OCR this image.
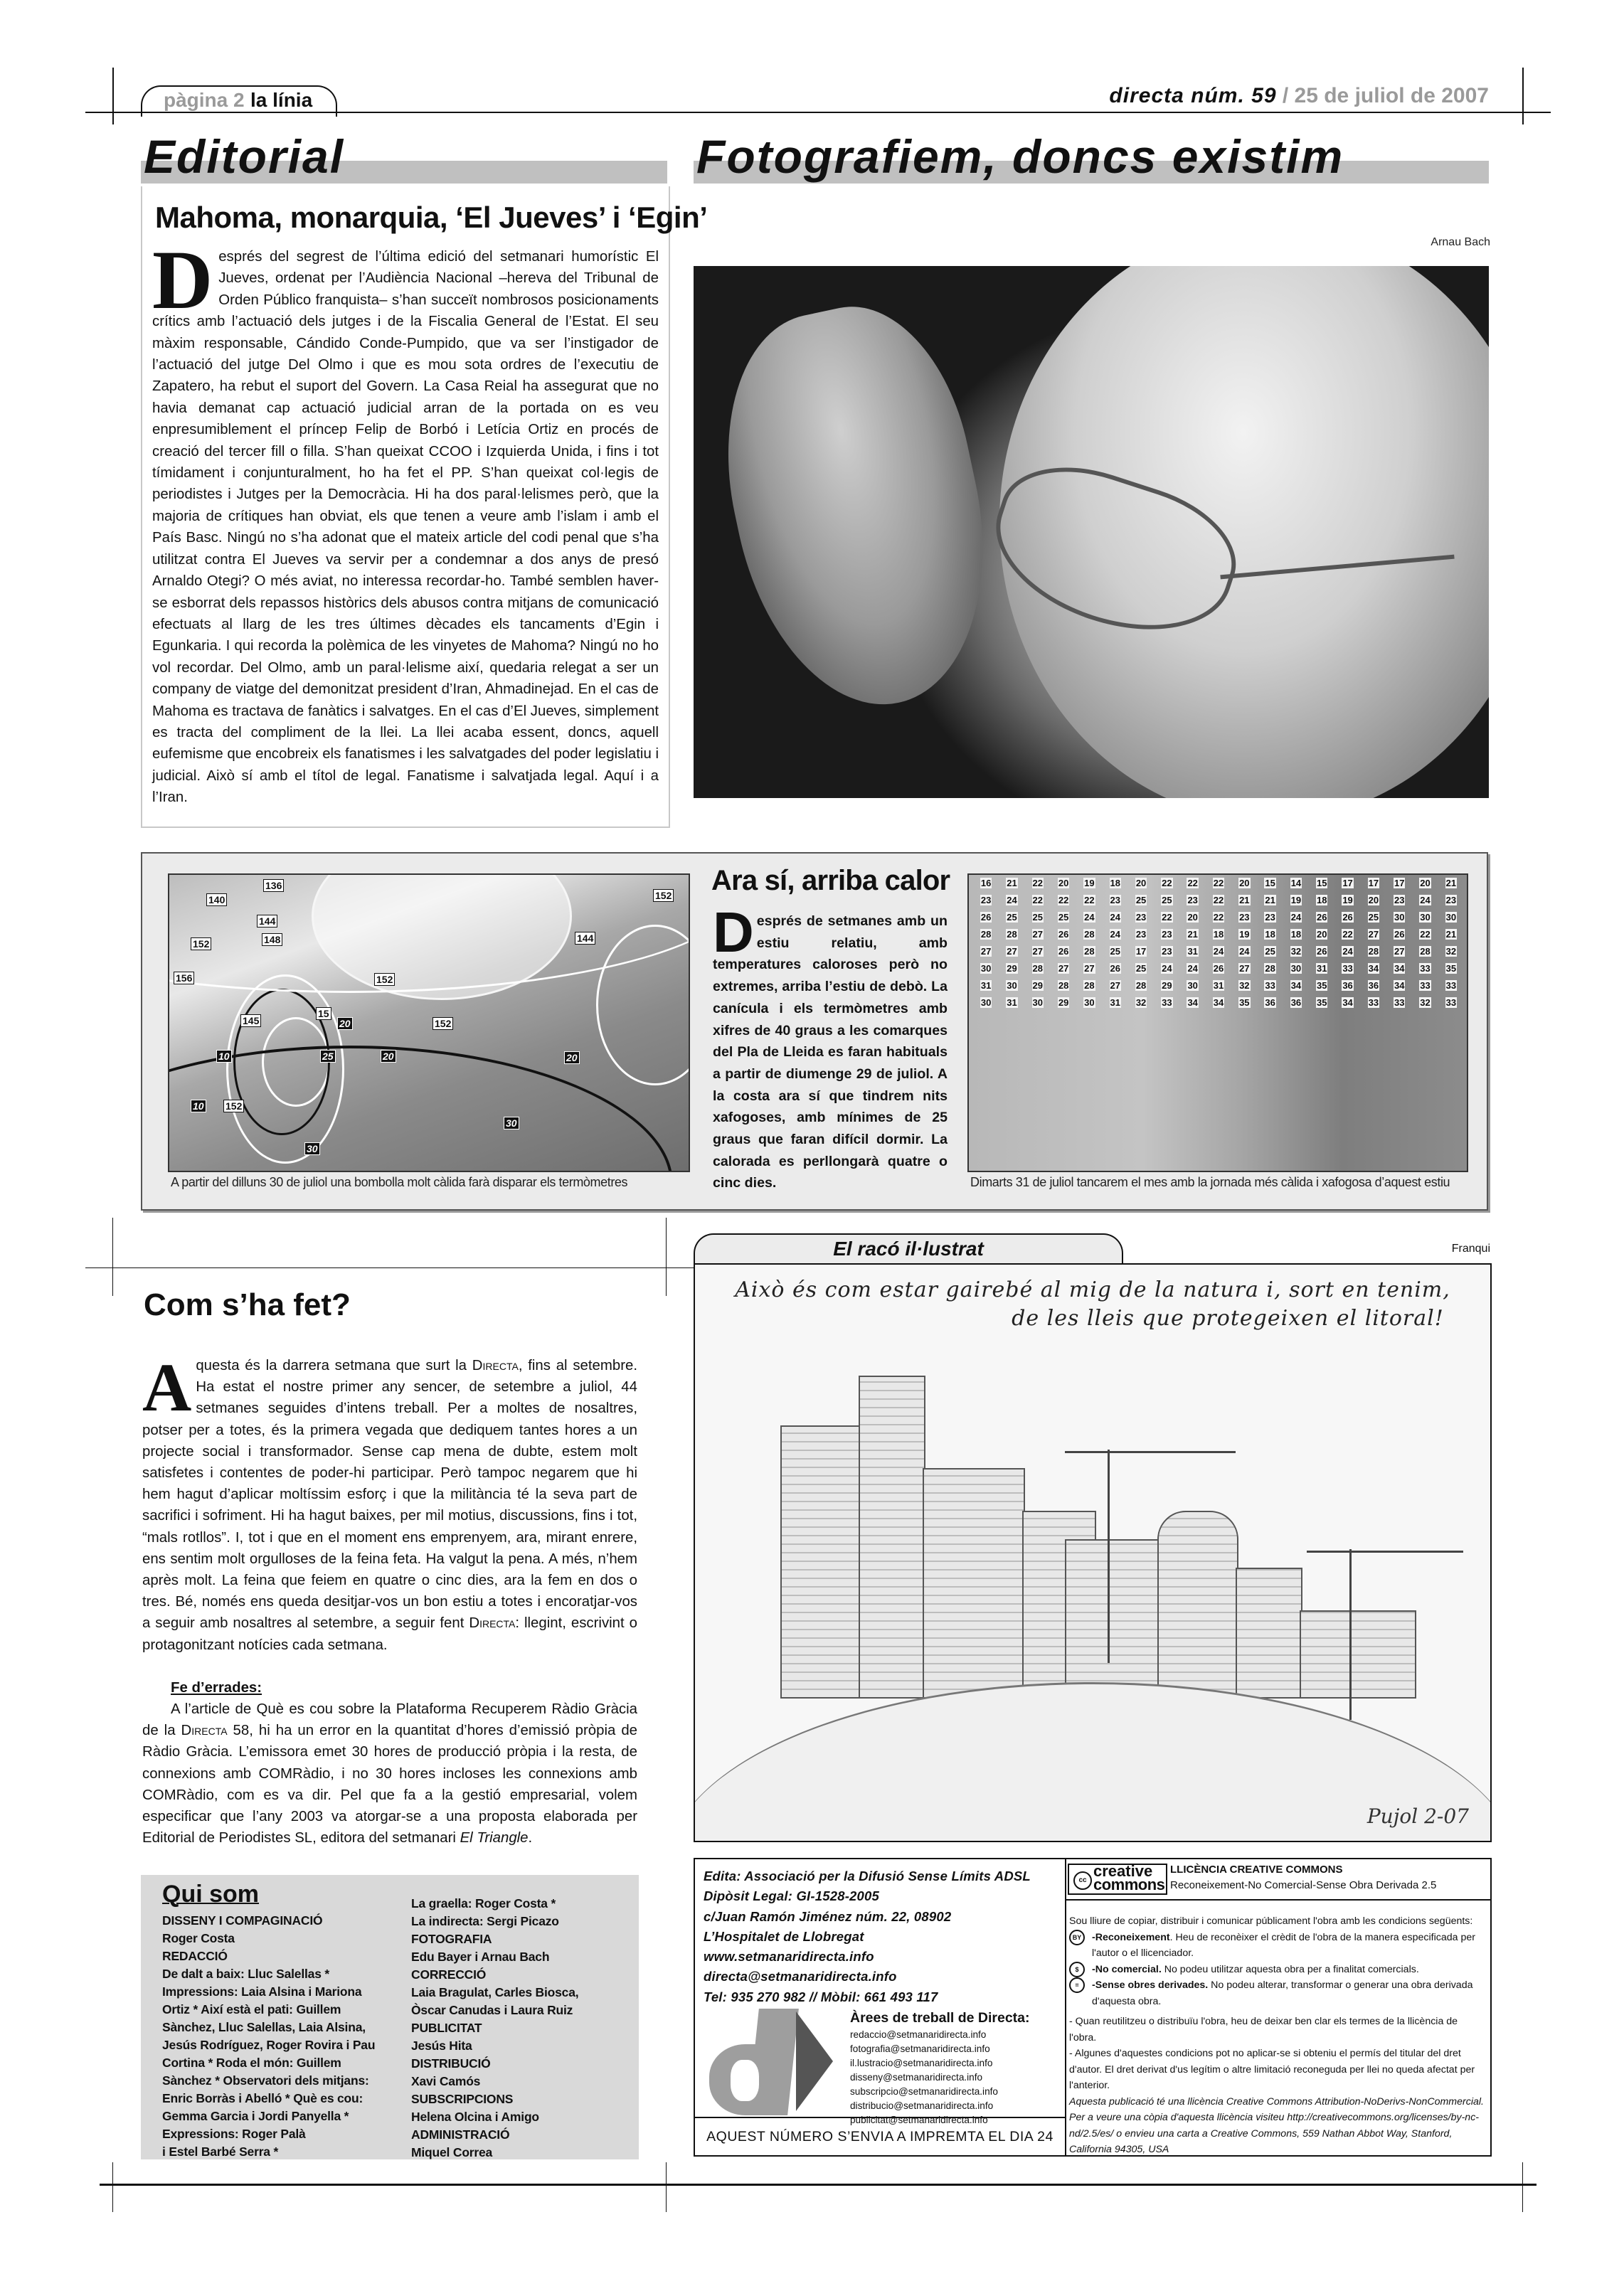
pàgina 2 la línia	directa núm. 59 / 25 de juliol de 2007
Editorial
Mahoma, monarquia, ‘El Jueves’ i ‘Egin’
Després del segrest de l’última edició del setmanari humorístic El Jueves, ordenat per l’Audiència Nacional –hereva del Tribunal de Orden Público franquista– s’han succeït nombrosos posicionaments crítics amb l’actuació dels jutges i de la Fiscalia General de l’Estat. El seu màxim responsable, Cándido Conde-Pumpido, que va ser l’instigador de l’actuació del jutge Del Olmo i que es mou sota ordres de l’executiu de Zapatero, ha rebut el suport del Govern. La Casa Reial ha assegurat que no havia demanat cap actuació judicial arran de la portada on es veu enpresumiblement el príncep Felip de Borbó i Letícia Ortiz en procés de creació del tercer fill o filla. S’han queixat CCOO i Izquierda Unida, i fins i tot tímidament i conjunturalment, ho ha fet el PP. S’han queixat col·legis de periodistes i Jutges per la Democràcia. Hi ha dos paral·lelismes però, que la majoria de crítiques han obviat, els que tenen a veure amb l’islam i amb el País Basc. Ningú no s’ha adonat que el mateix article del codi penal que s’ha utilitzat contra El Jueves va servir per a condemnar a dos anys de presó Arnaldo Otegi? O més aviat, no interessa recordar-ho. També semblen haver-se esborrat dels repassos històrics dels abusos contra mitjans de comunicació efectuats al llarg de les tres últimes dècades els tancaments d’Egin i Egunkaria. I qui recorda la polèmica de les vinyetes de Mahoma? Ningú no ho vol recordar. Del Olmo, amb un paral·lelisme així, quedaria relegat a ser un company de viatge del demonitzat president d’Iran, Ahmadinejad. En el cas de Mahoma es tractava de fanàtics i salvatges. En el cas d’El Jueves, simplement es tracta del compliment de la llei. La llei acaba essent, doncs, aquell eufemisme que encobreix els fanatismes i les salvatgades del poder legislatiu i judicial. Això sí amb el títol de legal. Fanatisme i salvatjada legal. Aquí i a l’Iran.
Fotografiem, doncs existim
Arnau Bach
136
140
144
148
152
156
145
152
152
144
152
152
10
10
15
20
25	20	20
30
30
A partir del dilluns 30 de juliol una bombolla molt càlida farà disparar els termòmetres
Ara sí, arriba calor
Després de setmanes amb un estiu relatiu, amb temperatures caloroses però no extremes, arriba l’estiu de debò. La canícula i els termòmetres amb xifres de 40 graus a les comarques del Pla de Lleida es faran habituals a partir de diumenge 29 de juliol. A la costa ara sí que tindrem nits xafogoses, amb mínimes de 25 graus que faran difícil dormir. La calorada es perllongarà quatre o cinc dies.
16	21	22	20	19	18	20	22	22	22	20	15	14	15	17	17	17	20	21
23	24	22	22	22	23	25	25	23	22	21	21	19	18	19	20	23	24	23
26	25	25	25	24	24	23	22	20	22	23	23	24	26	26	25	30	30	30
28	28	27	26	28	24	23	23	21	18	19	18	18	20	22	27	26	22	21
27	27	27	26	28	25	17	23	31	24	24	25	32	26	24	28	27	28	32
30	29	28	27	27	26	25	24	24	26	27	28	30	31	33	34	34	33	35
31	30	29	28	28	27	28	29	30	31	32	33	34	35	36	36	34	33	33
30	31	30	29	30	31	32	33	34	34	35	36	36	35	34	33	33	32	33
Dimarts 31 de juliol tancarem el mes amb la jornada més càlida i xafogosa d’aquest estiu
Com s’ha fet?

Aquesta és la darrera setmana que surt la Directa, fins al setembre. Ha estat el nostre primer any sencer, de setembre a juliol, 44 setmanes seguides d’intens treball. Per a moltes de nosaltres, potser per a totes, és la primera vegada que dediquem tantes hores a un projecte social i transformador. Sense cap mena de dubte, estem molt satisfetes i contentes de poder-hi participar. Però tampoc negarem que hi hem hagut d’aplicar moltíssim esforç i que la militància té la seva part de sacrifici i sofriment. Hi ha hagut baixes, per mil motius, discussions, fins i tot, “mals rotllos”. I, tot i que en el moment ens emprenyem, ara, mirant enrere, ens sentim molt orgulloses de la feina feta. Ha valgut la pena. A més, n’hem après molt. La feina que feiem en quatre o cinc dies, ara la fem en dos o tres. Bé, només ens queda desitjar-vos un bon estiu a totes i encoratjar-vos a seguir amb nosaltres al setembre, a seguir fent Directa: llegint, escrivint o protagonitzant notícies cada setmana.

Fe d’errades:

A l’article de Què es cou sobre la Plataforma Recuperem Ràdio Gràcia de la Directa 58, hi ha un error en la quantitat d’hores d’emissió pròpia de Ràdio Gràcia. L’emissora emet 30 hores de producció pròpia i la resta, de connexions amb COMRàdio, i no 30 hores incloses les connexions amb COMRàdio, com es va dir. Pel que fa a la gestió empresarial, volem especificar que l’any 2003 va atorgar-se a una proposta elaborada per Editorial de Periodistes SL, editora del setmanari El Triangle.

Qui som
DISSENY I COMPAGINACIÓ
Roger Costa
REDACCIÓ
De dalt a baix: Lluc Salellas *
Impressions: Laia Alsina i Mariona
Ortiz * Així està el pati: Guillem
Sànchez, Lluc Salellas, Laia Alsina,
Jesús Rodríguez, Roger Rovira i Pau
Cortina * Roda el món: Guillem
Sànchez * Observatori dels mitjans:
Enric Borràs i Abelló * Què es cou:
Gemma Garcia i Jordi Panyella *
Expressions: Roger Palà
i Estel Barbé Serra *
La graella: Roger Costa *
La indirecta: Sergi Picazo
FOTOGRAFIA
Edu Bayer i Arnau Bach
CORRECCIÓ
Laia Bragulat, Carles Biosca,
Òscar Canudas i Laura Ruiz
PUBLICITAT
Jesús Hita
DISTRIBUCIÓ
Xavi Camós
SUBSCRIPCIONS
Helena Olcina i Amigo
ADMINISTRACIÓ
Miquel Correa
El racó il·lustrat	Franqui
Això és com estar gairebé al mig de la natura i, sort en tenim,
de les lleis que protegeixen el litoral!
Pujol 2-07
Edita: Associació per la Difusió Sense Límits ADSL
Dipòsit Legal: GI-1528-2005
c/Juan Ramón Jiménez núm. 22, 08902
L’Hospitalet de Llobregat
www.setmanaridirecta.info
directa@setmanaridirecta.info
Tel: 935 270 982 // Mòbil: 661 493 117
Àrees de treball de Directa:
redaccio@setmanaridirecta.info
fotografia@setmanaridirecta.info
il.lustracio@setmanaridirecta.info
disseny@setmanaridirecta.info
subscripcio@setmanaridirecta.info
distribucio@setmanaridirecta.info
publicitat@setmanaridirecta.info
AQUEST NÚMERO S’ENVIA A IMPREMTA EL DIA 24
cc
creative
commons
LLICÈNCIA CREATIVE COMMONS
Reconeixement-No Comercial-Sense Obra Derivada 2.5
Sou lliure de copiar, distribuir i comunicar públicament l'obra amb les condicions següents:
BY	-Reconeixement. Heu de reconèixer el crèdit de l'obra de la manera especificada per l'autor o el llicenciador.
$	-No comercial. No podeu utilitzar aquesta obra per a finalitat comercials.
=	-Sense obres derivades. No podeu alterar, transformar o generar una obra derivada d'aquesta obra.
- Quan reutilitzeu o distribuïu l'obra, heu de deixar ben clar els termes de la llicència de l'obra.
- Algunes d'aquestes condicions pot no aplicar-se si obteniu el permís del titular del dret d'autor. El dret derivat d'us legítim o altre limitació reconeguda per llei no queda afectat per l'anterior.
Aquesta publicació té una llicència Creative Commons Attribution-NoDerivs-NonCommercial. Per a veure una còpia d'aquesta llicència visiteu http://creativecommons.org/licenses/by-nc-nd/2.5/es/ o envieu una carta a Creative Commons, 559 Nathan Abbot Way, Stanford, California 94305, USA
